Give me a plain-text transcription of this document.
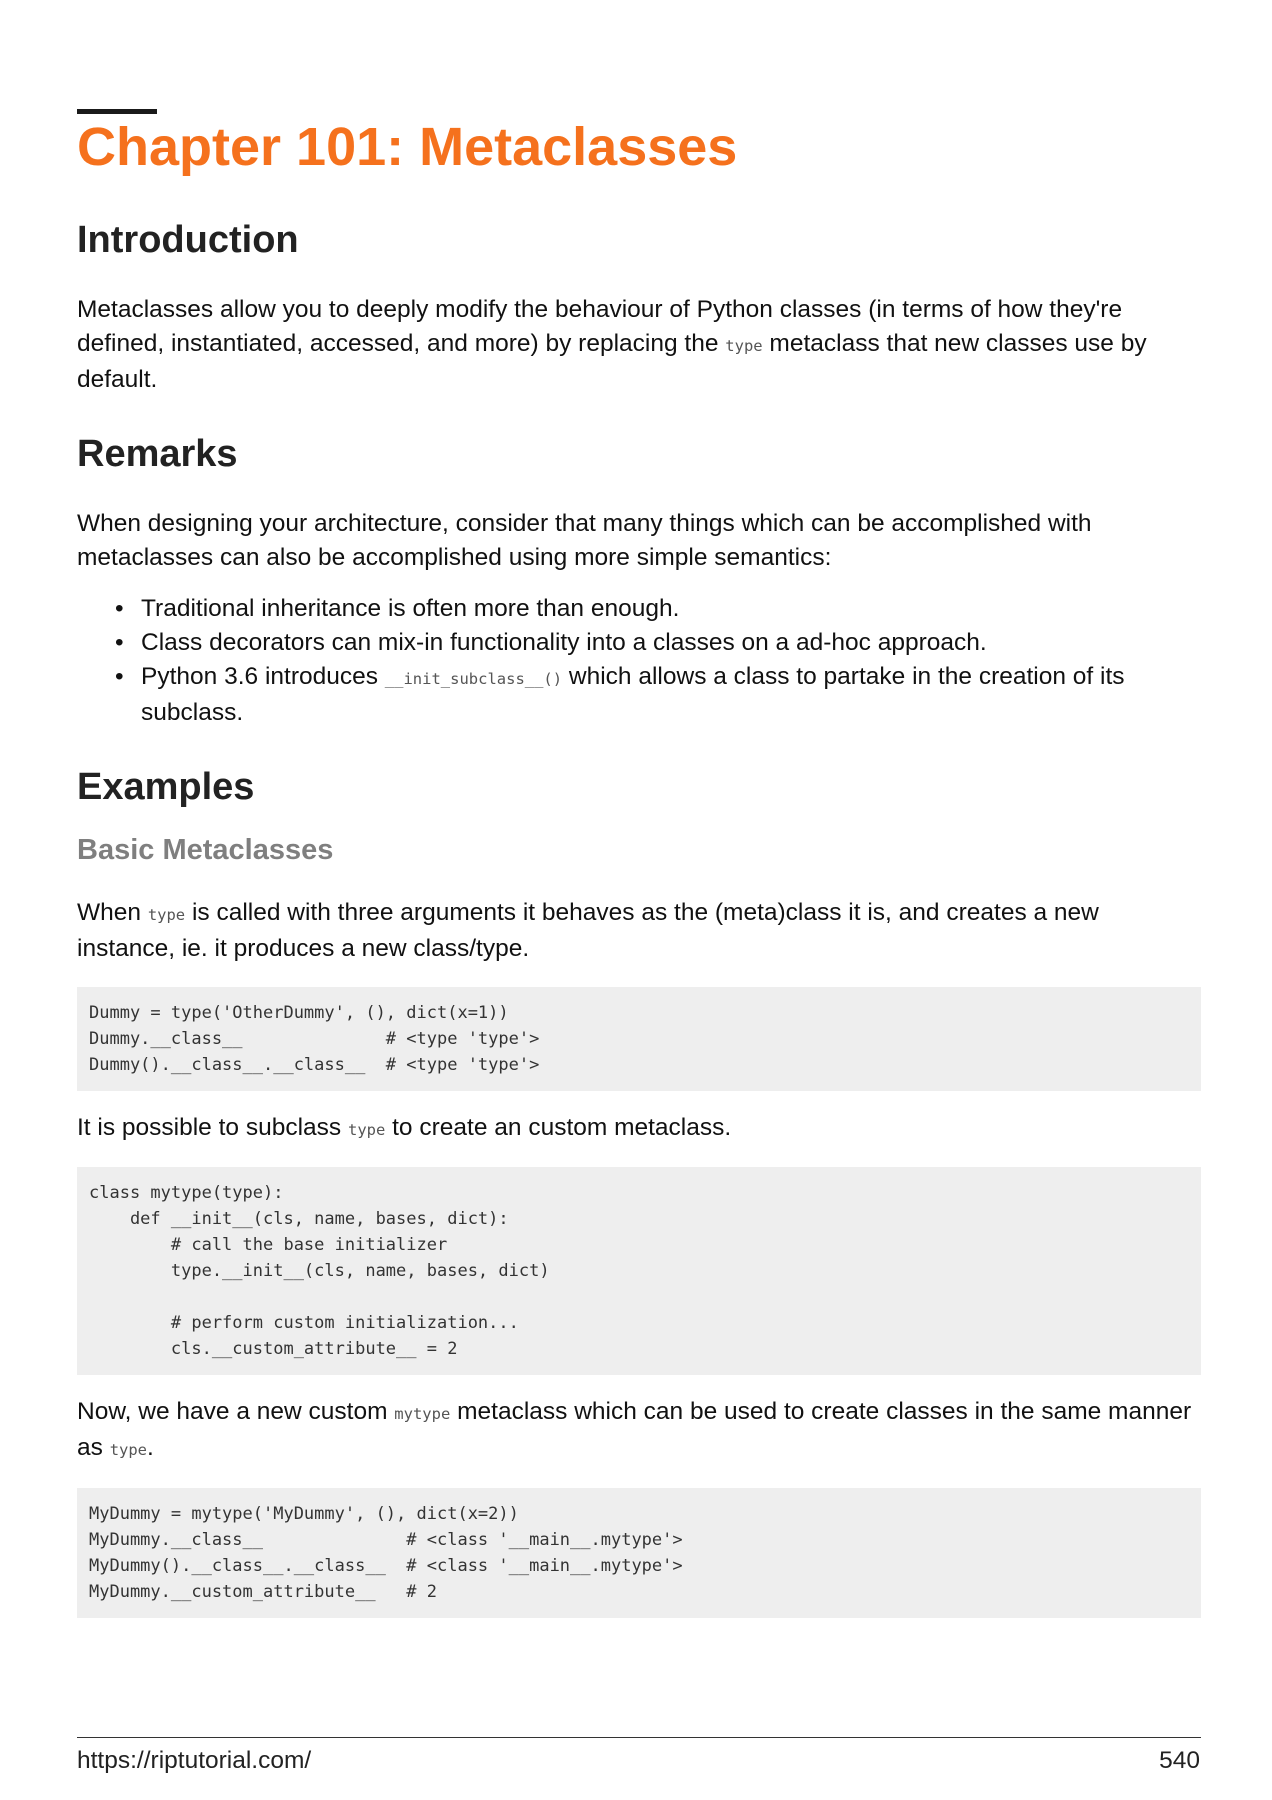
Chapter 101: Metaclasses
Introduction

Metaclasses allow you to deeply modify the behaviour of Python classes (in terms of how they're defined, instantiated, accessed, and more) by replacing the type metaclass that new classes use by default.

Remarks

When designing your architecture, consider that many things which can be accomplished with metaclasses can also be accomplished using more simple semantics:

• Traditional inheritance is often more than enough.
• Class decorators can mix-in functionality into a classes on a ad-hoc approach.
• Python 3.6 introduces __init_subclass__() which allows a class to partake in the creation of its subclass.
Examples
Basic Metaclasses

When type is called with three arguments it behaves as the (meta)class it is, and creates a new instance, ie. it produces a new class/type.

Dummy = type('OtherDummy', (), dict(x=1))
Dummy.__class__              # <type 'type'>
Dummy().__class__.__class__  # <type 'type'>

It is possible to subclass type to create an custom metaclass.

class mytype(type):
def __init__(cls, name, bases, dict):
# call the base initializer
type.__init__(cls, name, bases, dict)

# perform custom initialization...
cls.__custom_attribute__ = 2

Now, we have a new custom mytype metaclass which can be used to create classes in the same manner as type.

MyDummy = mytype('MyDummy', (), dict(x=2))
MyDummy.__class__              # <class '__main__.mytype'>
MyDummy().__class__.__class__  # <class '__main__.mytype'>
MyDummy.__custom_attribute__   # 2
https://riptutorial.com/	540
